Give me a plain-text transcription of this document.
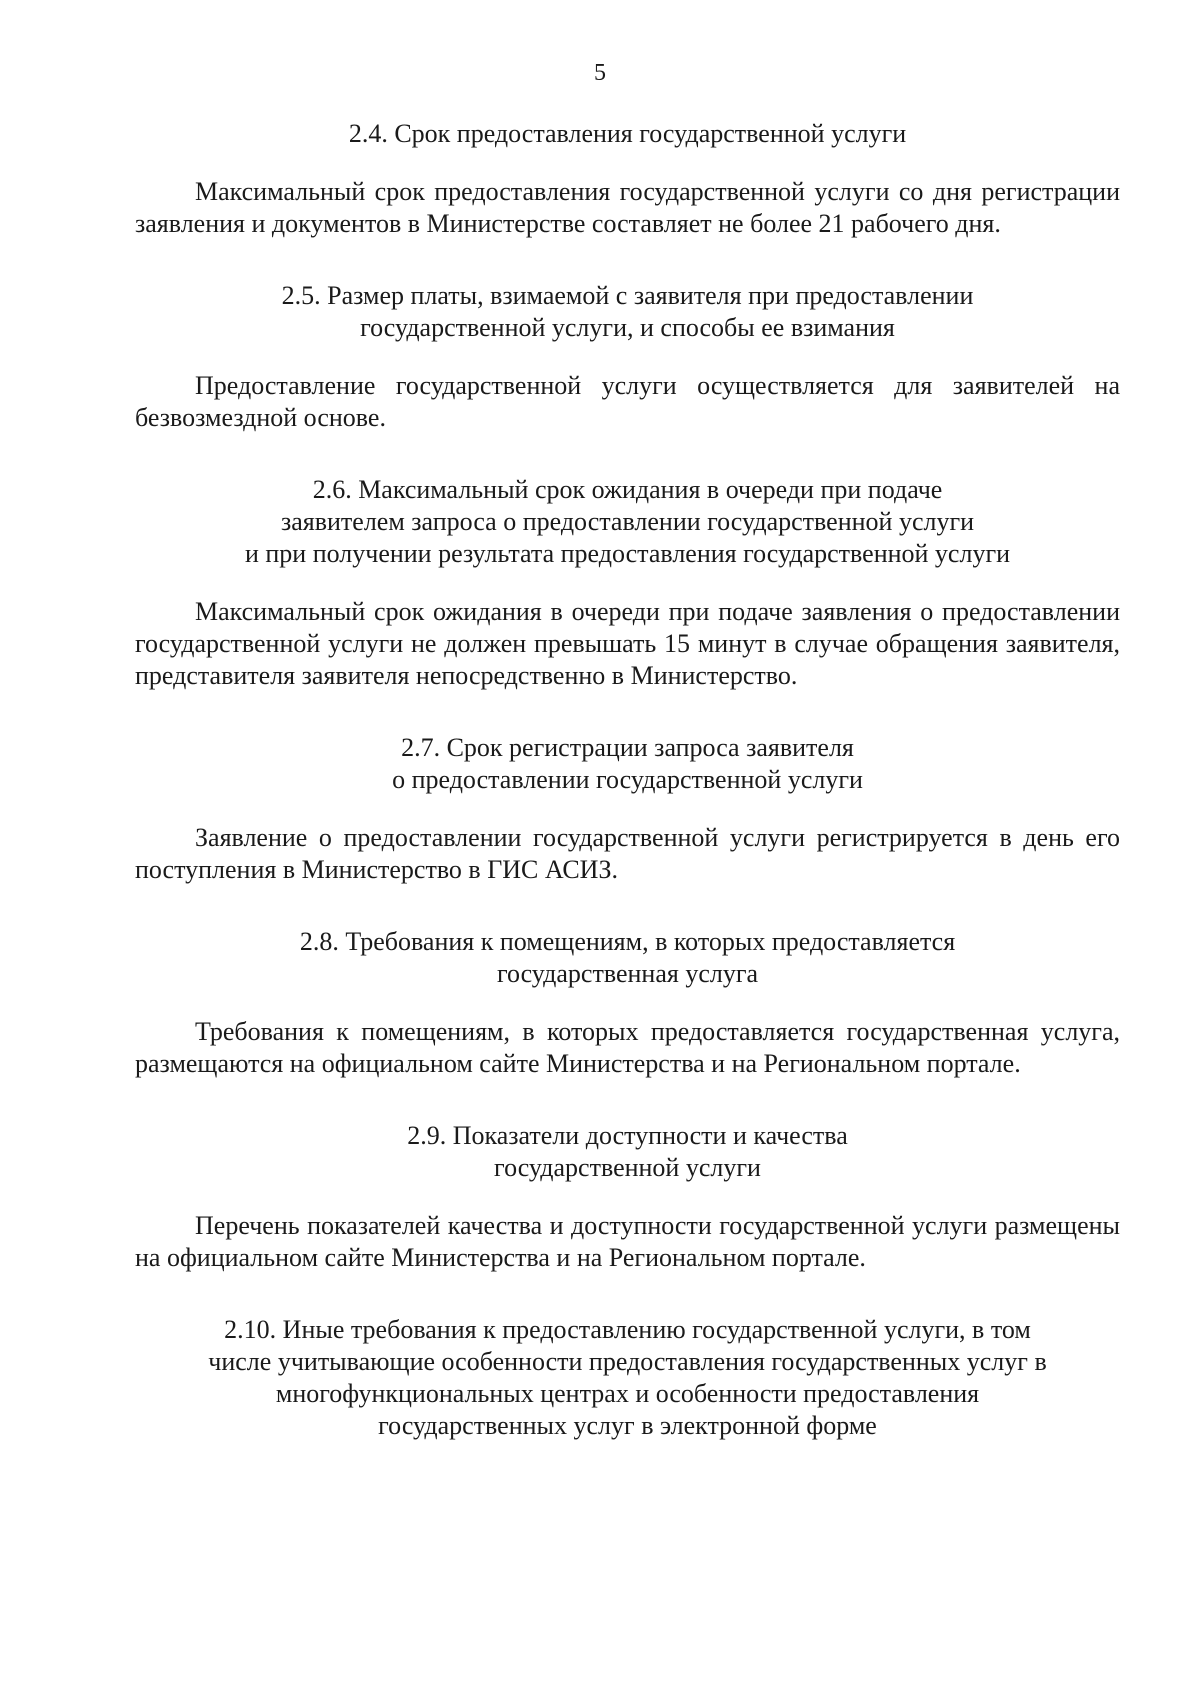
5
2.4. Срок предоставления государственной услуги

Максимальный срок предоставления государственной услуги со дня регистрации заявления и документов в Министерстве составляет не более 21 рабочего дня.

2.5. Размер платы, взимаемой с заявителя при предоставлении
государственной услуги, и способы ее взимания

Предоставление государственной услуги осуществляется для заявителей на безвозмездной основе.

2.6. Максимальный срок ожидания в очереди при подаче
заявителем запроса о предоставлении государственной услуги
и при получении результата предоставления государственной услуги

Максимальный срок ожидания в очереди при подаче заявления о предоставлении государственной услуги не должен превышать 15 минут в случае обращения заявителя, представителя заявителя непосредственно в Министерство.

2.7. Срок регистрации запроса заявителя
о предоставлении государственной услуги

Заявление о предоставлении государственной услуги регистрируется в день его поступления в Министерство в ГИС АСИЗ.

2.8. Требования к помещениям, в которых предоставляется
государственная услуга

Требования к помещениям, в которых предоставляется государственная услуга, размещаются на официальном сайте Министерства и на Региональном портале.

2.9. Показатели доступности и качества
государственной услуги

Перечень показателей качества и доступности государственной услуги размещены на официальном сайте Министерства и на Региональном портале.

2.10. Иные требования к предоставлению государственной услуги, в том
числе учитывающие особенности предоставления государственных услуг в
многофункциональных центрах и особенности предоставления
государственных услуг в электронной форме
